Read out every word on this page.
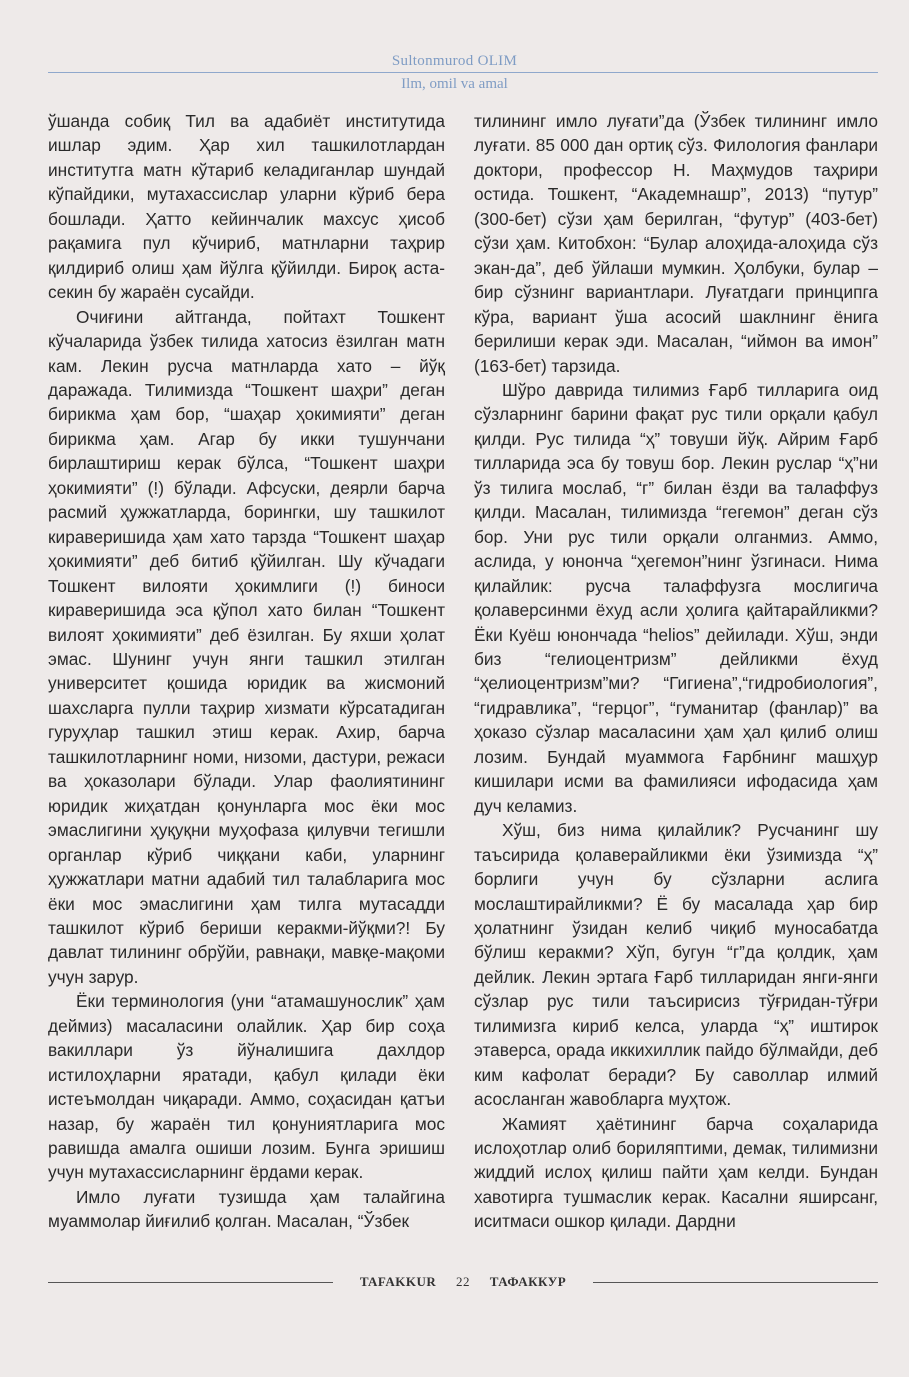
Sultonmurod OLIM
Ilm, omil va amal

ўшанда собиқ Тил ва адабиёт институтида ишлар эдим. Ҳар хил ташкилотлардан институтга матн кўтариб келадиганлар шундай кўпайдики, мутахассислар уларни кўриб бера бошлади. Ҳатто кейинчалик махсус ҳисоб рақамига пул кўчириб, матнларни таҳрир қилдириб олиш ҳам йўлга қўйилди. Бироқ аста-секин бу жараён сусайди.

Очиғини айтганда, пойтахт Тошкент кўчаларида ўзбек тилида хатосиз ёзилган матн кам. Лекин русча матнларда хато – йўқ даражада. Тилимизда “Тошкент шаҳри” деган бирикма ҳам бор, “шаҳар ҳокимияти” деган бирикма ҳам. Агар бу икки тушунчани бирлаштириш керак бўлса, “Тошкент шаҳри ҳокимияти” (!) бўлади. Афсуски, деярли барча расмий ҳужжатларда, борингки, шу ташкилот кираверишида ҳам хато тарзда “Тошкент шаҳар ҳокимияти” деб битиб қўйилган. Шу кўчадаги Тошкент вилояти ҳокимлиги (!) биноси кираверишида эса қўпол хато билан “Тошкент вилоят ҳокимияти” деб ёзилган. Бу яхши ҳолат эмас. Шунинг учун янги ташкил этилган университет қошида юридик ва жисмоний шахсларга пулли таҳрир хизмати кўрсатадиган гуруҳлар ташкил этиш керак. Ахир, барча ташкилотларнинг номи, низоми, дастури, режаси ва ҳоказолари бўлади. Улар фаолиятининг юридик жиҳатдан қонунларга мос ёки мос эмаслигини ҳуқуқни муҳофаза қилувчи тегишли органлар кўриб чиққани каби, уларнинг ҳужжатлари матни адабий тил талабларига мос ёки мос эмаслигини ҳам тилга мутасадди ташкилот кўриб бериши керакми-йўқми?! Бу давлат тилининг обрўйи, равнақи, мавқе-мақоми учун зарур.

Ёки терминология (уни “атамашунослик” ҳам деймиз) масаласини олайлик. Ҳар бир соҳа вакиллари ўз йўналишига дахлдор истилоҳларни яратади, қабул қилади ёки истеъмолдан чиқаради. Аммо, соҳасидан қатъи назар, бу жараён тил қонуниятларига мос равишда амалга ошиши лозим. Бунга эришиш учун мутахассисларнинг ёрдами керак.

Имло луғати тузишда ҳам талайгина муаммолар йиғилиб қолган. Масалан, “Ўзбек

тилининг имло луғати”да (Ўзбек тилининг имло луғати. 85 000 дан ортиқ сўз. Филология фанлари доктори, профессор Н. Маҳмудов таҳрири остида. Тошкент, “Академнашр”, 2013) “путур” (300-бет) сўзи ҳам берилган, “футур” (403-бет) сўзи ҳам. Китобхон: “Булар алоҳида-алоҳида сўз экан-да”, деб ўйлаши мумкин. Ҳолбуки, булар – бир сўзнинг вариантлари. Луғатдаги принципга кўра, вариант ўша асосий шаклнинг ёнига берилиши керак эди. Масалан, “иймон ва имон” (163-бет) тарзида.

Шўро даврида тилимиз Ғарб тилларига оид сўзларнинг барини фақат рус тили орқали қабул қилди. Рус тилида “ҳ” товуши йўқ. Айрим Ғарб тилларида эса бу товуш бор. Лекин руслар “ҳ”ни ўз тилига мослаб, “г” билан ёзди ва талаффуз қилди. Масалан, тилимизда “гегемон” деган сўз бор. Уни рус тили орқали олганмиз. Аммо, аслида, у юнонча “ҳегемон”нинг ўзгинаси. Нима қилайлик: русча талаффузга мослигича қолаверсинми ёхуд асли ҳолига қайтарайликми? Ёки Куёш юнончада “helios” дейилади. Хўш, энди биз “гелиоцентризм” дейликми ёхуд “ҳелиоцентризм”ми? “Гигиена”,“гидробиология”, “гидравлика”, “герцог”, “гуманитар (фанлар)” ва ҳоказо сўзлар масаласини ҳам ҳал қилиб олиш лозим. Бундай муаммога Ғарбнинг машҳур кишилари исми ва фамилияси ифодасида ҳам дуч келамиз.

Хўш, биз нима қилайлик? Русчанинг шу таъсирида қолаверайликми ёки ўзимизда “ҳ” борлиги учун бу сўзларни аслига мослаштирайликми? Ё бу масалада ҳар бир ҳолатнинг ўзидан келиб чиқиб муносабатда бўлиш керакми? Хўп, бугун “г”да қолдик, ҳам дейлик. Лекин эртага Ғарб тилларидан янги-янги сўзлар рус тили таъсирисиз тўғридан-тўғри тилимизга кириб келса, уларда “ҳ” иштирок этаверса, орада иккихиллик пайдо бўлмайди, деб ким кафолат беради? Бу саволлар илмий асосланган жавобларга муҳтож.

Жамият ҳаётининг барча соҳаларида ислоҳотлар олиб бориляптими, демак, тилимизни жиддий ислоҳ қилиш пайти ҳам келди. Бундан хавотирга тушмаслик керак. Касални яширсанг, иситмаси ошкор қилади. Дардни

TAFAKKUR 22 ТАФАККУР
